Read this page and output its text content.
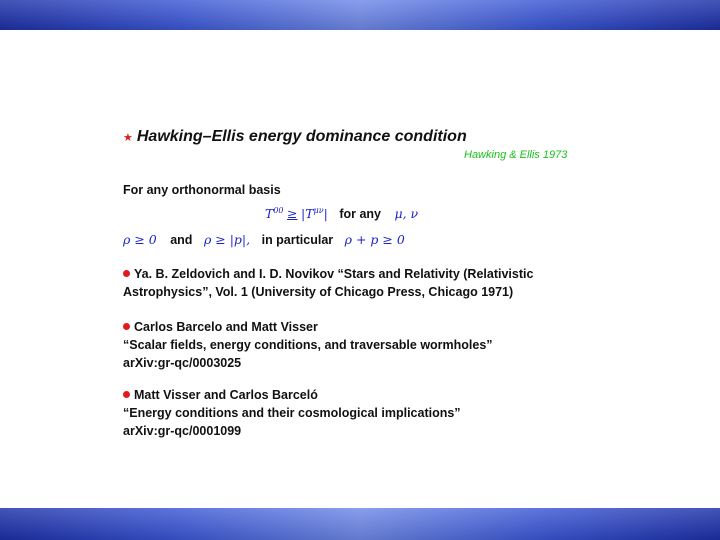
★ Hawking–Ellis energy dominance condition
Hawking & Ellis 1973
For any orthonormal basis
$T^{00} \ge |T^{\mu\nu}|$ for any μ, ν
ρ ≥ 0 and ρ ≥ |p|, in particular ρ + p ≥ 0
Ya. B. Zeldovich and I. D. Novikov “Stars and Relativity (Relativistic
Astrophysics”, Vol. 1 (University of Chicago Press, Chicago 1971)
Carlos Barcelo and Matt Visser
“Scalar fields, energy conditions, and traversable wormholes”
arXiv:gr-qc/0003025
Matt Visser and Carlos Barceló
“Energy conditions and their cosmological implications”
arXiv:gr-qc/0001099
